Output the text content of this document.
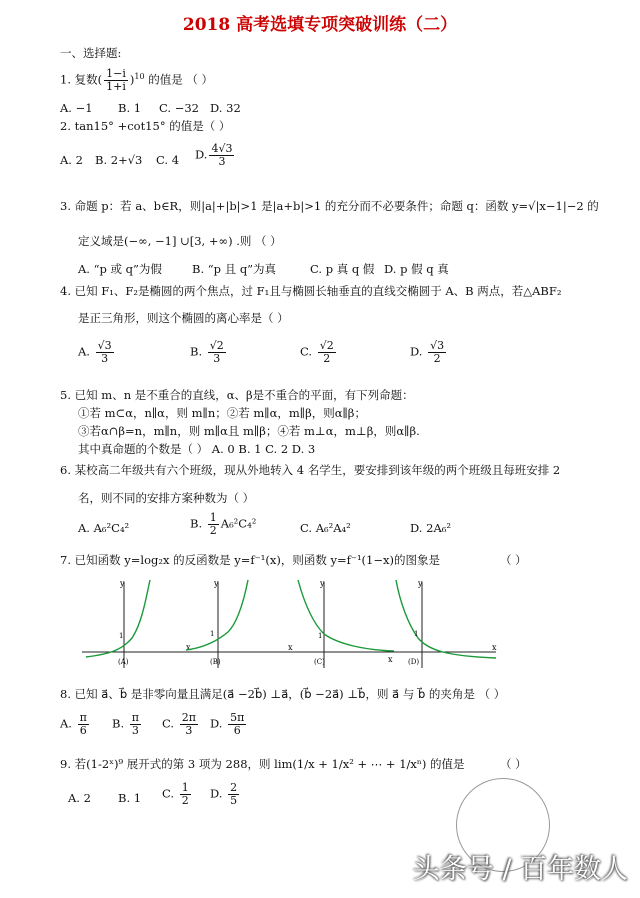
2018 高考选填专项突破训练（二）
一、选择题:
1. 复数( $\frac{1-i}{1+i} )^{10}$ 的值是 （ ）
A. −1 B. 1 C. −32 D. 32
2. tan15° +cot15° 的值是（ ）
A. 2 B. 2+√3 C. 4 D. $\frac{4√3}{3}$
3. 命题 p：若 a、b∈R，则|a|+|b|>1 是|a+b|>1 的充分而不必要条件；命题 q：函数 y=√|x−1|−2 的
定义域是(−∞, −1] ∪[3, +∞) .则 （ ）
A. “p 或 q”为假	B. “p 且 q”为真	C. p 真 q 假 D. p 假 q 真
4. 已知 F₁、F₂是椭圆的两个焦点，过 F₁且与椭圆长轴垂直的直线交椭圆于 A、B 两点，若△ABF₂
是正三角形，则这个椭圆的离心率是（ ）
A. $\frac{√3}{3}$	B. $\frac{√2}{3}$	C. $\frac{√2}{2}$	D. $\frac{√3}{2}$
5. 已知 m、n 是不重合的直线，α、β是不重合的平面，有下列命题：
①若 m⊂α，n∥α，则 m∥n；②若 m∥α，m∥β，则α∥β；
③若α∩β=n，m∥n，则 m∥α且 m∥β；④若 m⊥α，m⊥β，则α∥β.
其中真命题的个数是（ ） A. 0 B. 1 C. 2 D. 3
6. 某校高二年级共有六个班级，现从外地转入 4 名学生，要安排到该年级的两个班级且每班安排 2
名，则不同的安排方案种数为（ ）
A. A₆²C₄²	B. $\frac{1}{2} A_6^2C_4^2$	C. A₆²A₄²	D. 2A₆²
7. 已知函数 y=log₂x 的反函数是 y=f⁻¹(x)，则函数 y=f⁻¹(1−x)的图象是	（ ）
y
x
1
(A)
y
x
1
(B)
y
x
1
(C)
y
x
1
(D)
8. 已知 a⃗、b⃗ 是非零向量且满足(a⃗ −2b⃗) ⊥a⃗，(b⃗ −2a⃗) ⊥b⃗，则 a⃗ 与 b⃗ 的夹角是 （ ）
A. $\frac{\pi}{6} B$. $\frac{\pi}{3} C$. $\frac{2\pi}{3} D$. $\frac{5\pi}{6}$
9. 若(1-2ˣ)⁹ 展开式的第 3 项为 288，则 lim(1/x + 1/x² + ⋯ + 1/xⁿ) 的值是	（ ）
A. 2 B. 1 C. $\frac{1}{2} D$. $\frac{2}{5}$
头条号 / 百年数人
